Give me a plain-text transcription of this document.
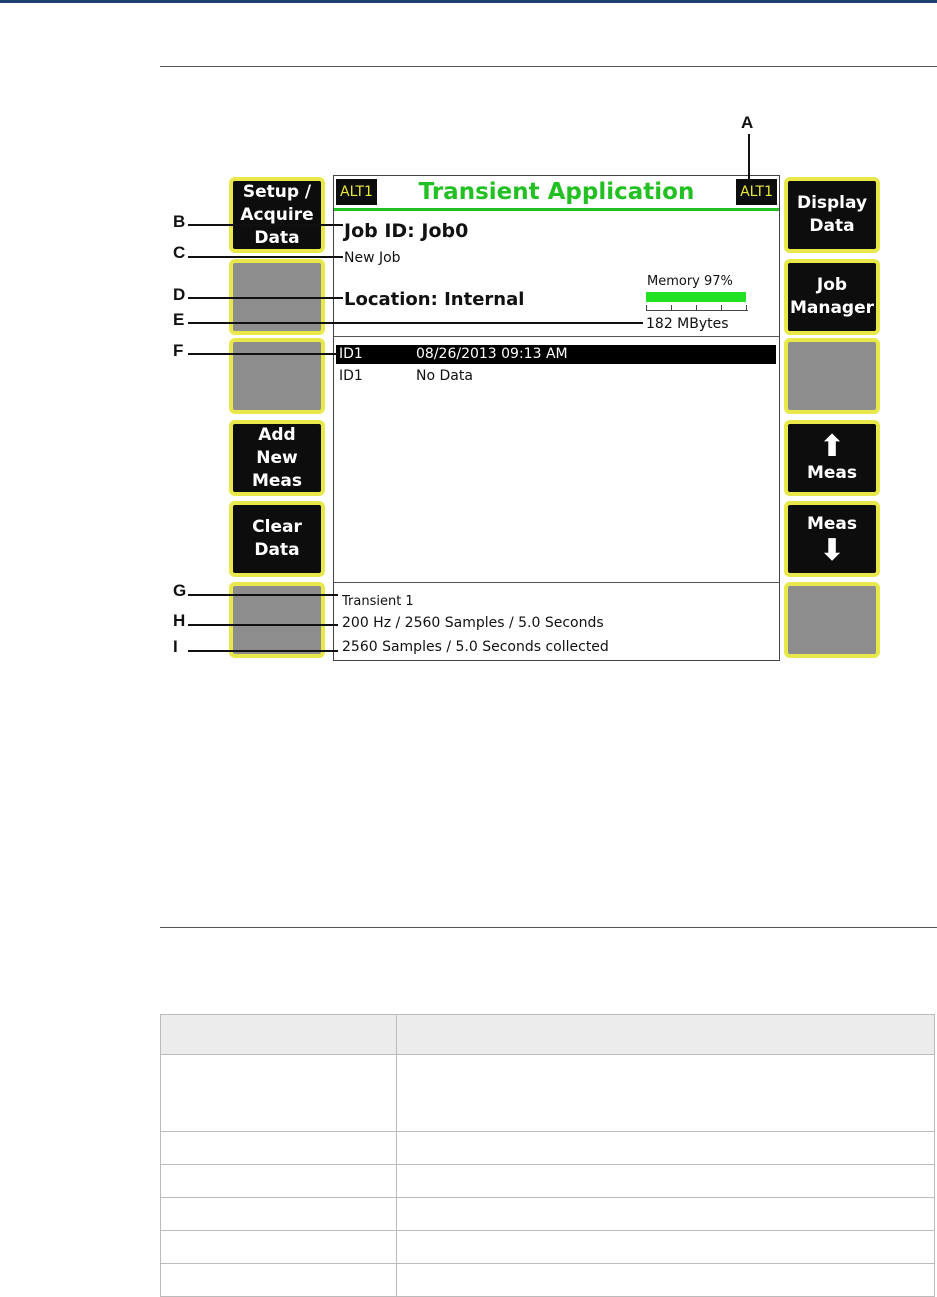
Setup /
Acquire
Data
Add
New
Meas
Clear
Data
Display
Data
Job
Manager
⬆
Meas
Meas
⬇
ALT1	Transient Application	ALT1
Job ID: Job0
New Job
Location: Internal
Memory 97%
182 MBytes
ID1	08/26/2013 09:13 AM
ID1	No Data
Transient 1
200 Hz / 2560 Samples / 5.0 Seconds
2560 Samples / 5.0 Seconds collected
A
B
C
D
E
F
G
H
I
